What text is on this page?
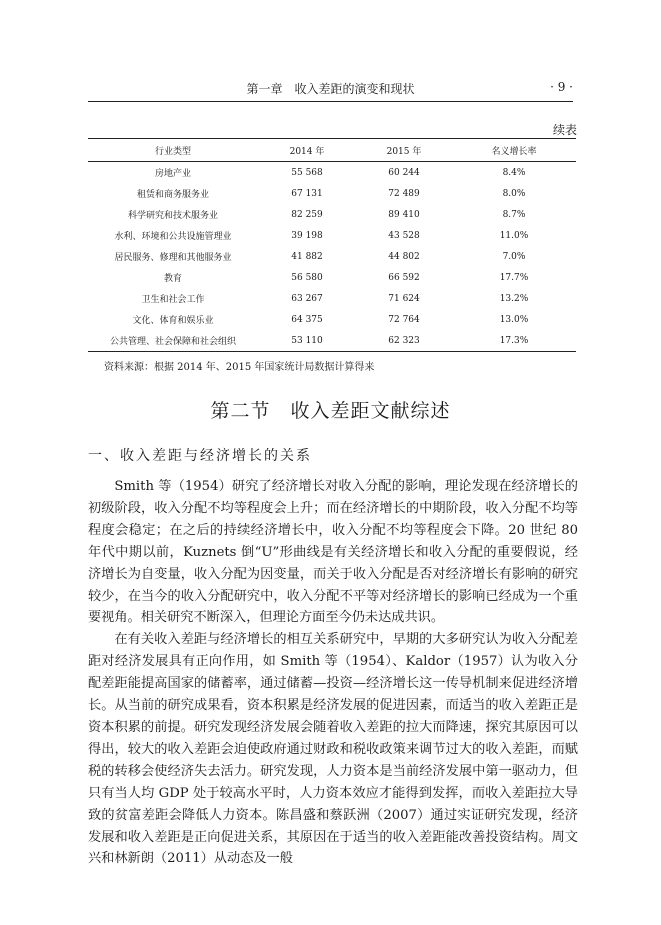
第一章　收入差距的演变和现状	· 9 ·
续表
行业类型	2014 年	2015 年	名义增长率
房地产业	55 568	60 244	8.4%
租赁和商务服务业	67 131	72 489	8.0%
科学研究和技术服务业	82 259	89 410	8.7%
水利、环境和公共设施管理业	39 198	43 528	11.0%
居民服务、修理和其他服务业	41 882	44 802	7.0%
教育	56 580	66 592	17.7%
卫生和社会工作	63 267	71 624	13.2%
文化、体育和娱乐业	64 375	72 764	13.0%
公共管理、社会保障和社会组织	53 110	62 323	17.3%
资料来源：根据 2014 年、2015 年国家统计局数据计算得来
第二节　收入差距文献综述
一、收入差距与经济增长的关系

Smith 等（1954）研究了经济增长对收入分配的影响，理论发现在经济增长的初级阶段，收入分配不均等程度会上升；而在经济增长的中期阶段，收入分配不均等程度会稳定；在之后的持续经济增长中，收入分配不均等程度会下降。20 世纪 80 年代中期以前，Kuznets 倒“U”形曲线是有关经济增长和收入分配的重要假说，经济增长为自变量，收入分配为因变量，而关于收入分配是否对经济增长有影响的研究较少，在当今的收入分配研究中，收入分配不平等对经济增长的影响已经成为一个重要视角。相关研究不断深入，但理论方面至今仍未达成共识。

在有关收入差距与经济增长的相互关系研究中，早期的大多研究认为收入分配差距对经济发展具有正向作用，如 Smith 等（1954）、Kaldor（1957）认为收入分配差距能提高国家的储蓄率，通过储蓄—投资—经济增长这一传导机制来促进经济增长。从当前的研究成果看，资本积累是经济发展的促进因素，而适当的收入差距正是资本积累的前提。研究发现经济发展会随着收入差距的拉大而降速，探究其原因可以得出，较大的收入差距会迫使政府通过财政和税收政策来调节过大的收入差距，而赋税的转移会使经济失去活力。研究发现，人力资本是当前经济发展中第一驱动力，但只有当人均 GDP 处于较高水平时，人力资本效应才能得到发挥，而收入差距拉大导致的贫富差距会降低人力资本。陈昌盛和蔡跃洲（2007）通过实证研究发现，经济发展和收入差距是正向促进关系，其原因在于适当的收入差距能改善投资结构。周文兴和林新朗（2011）从动态及一般
